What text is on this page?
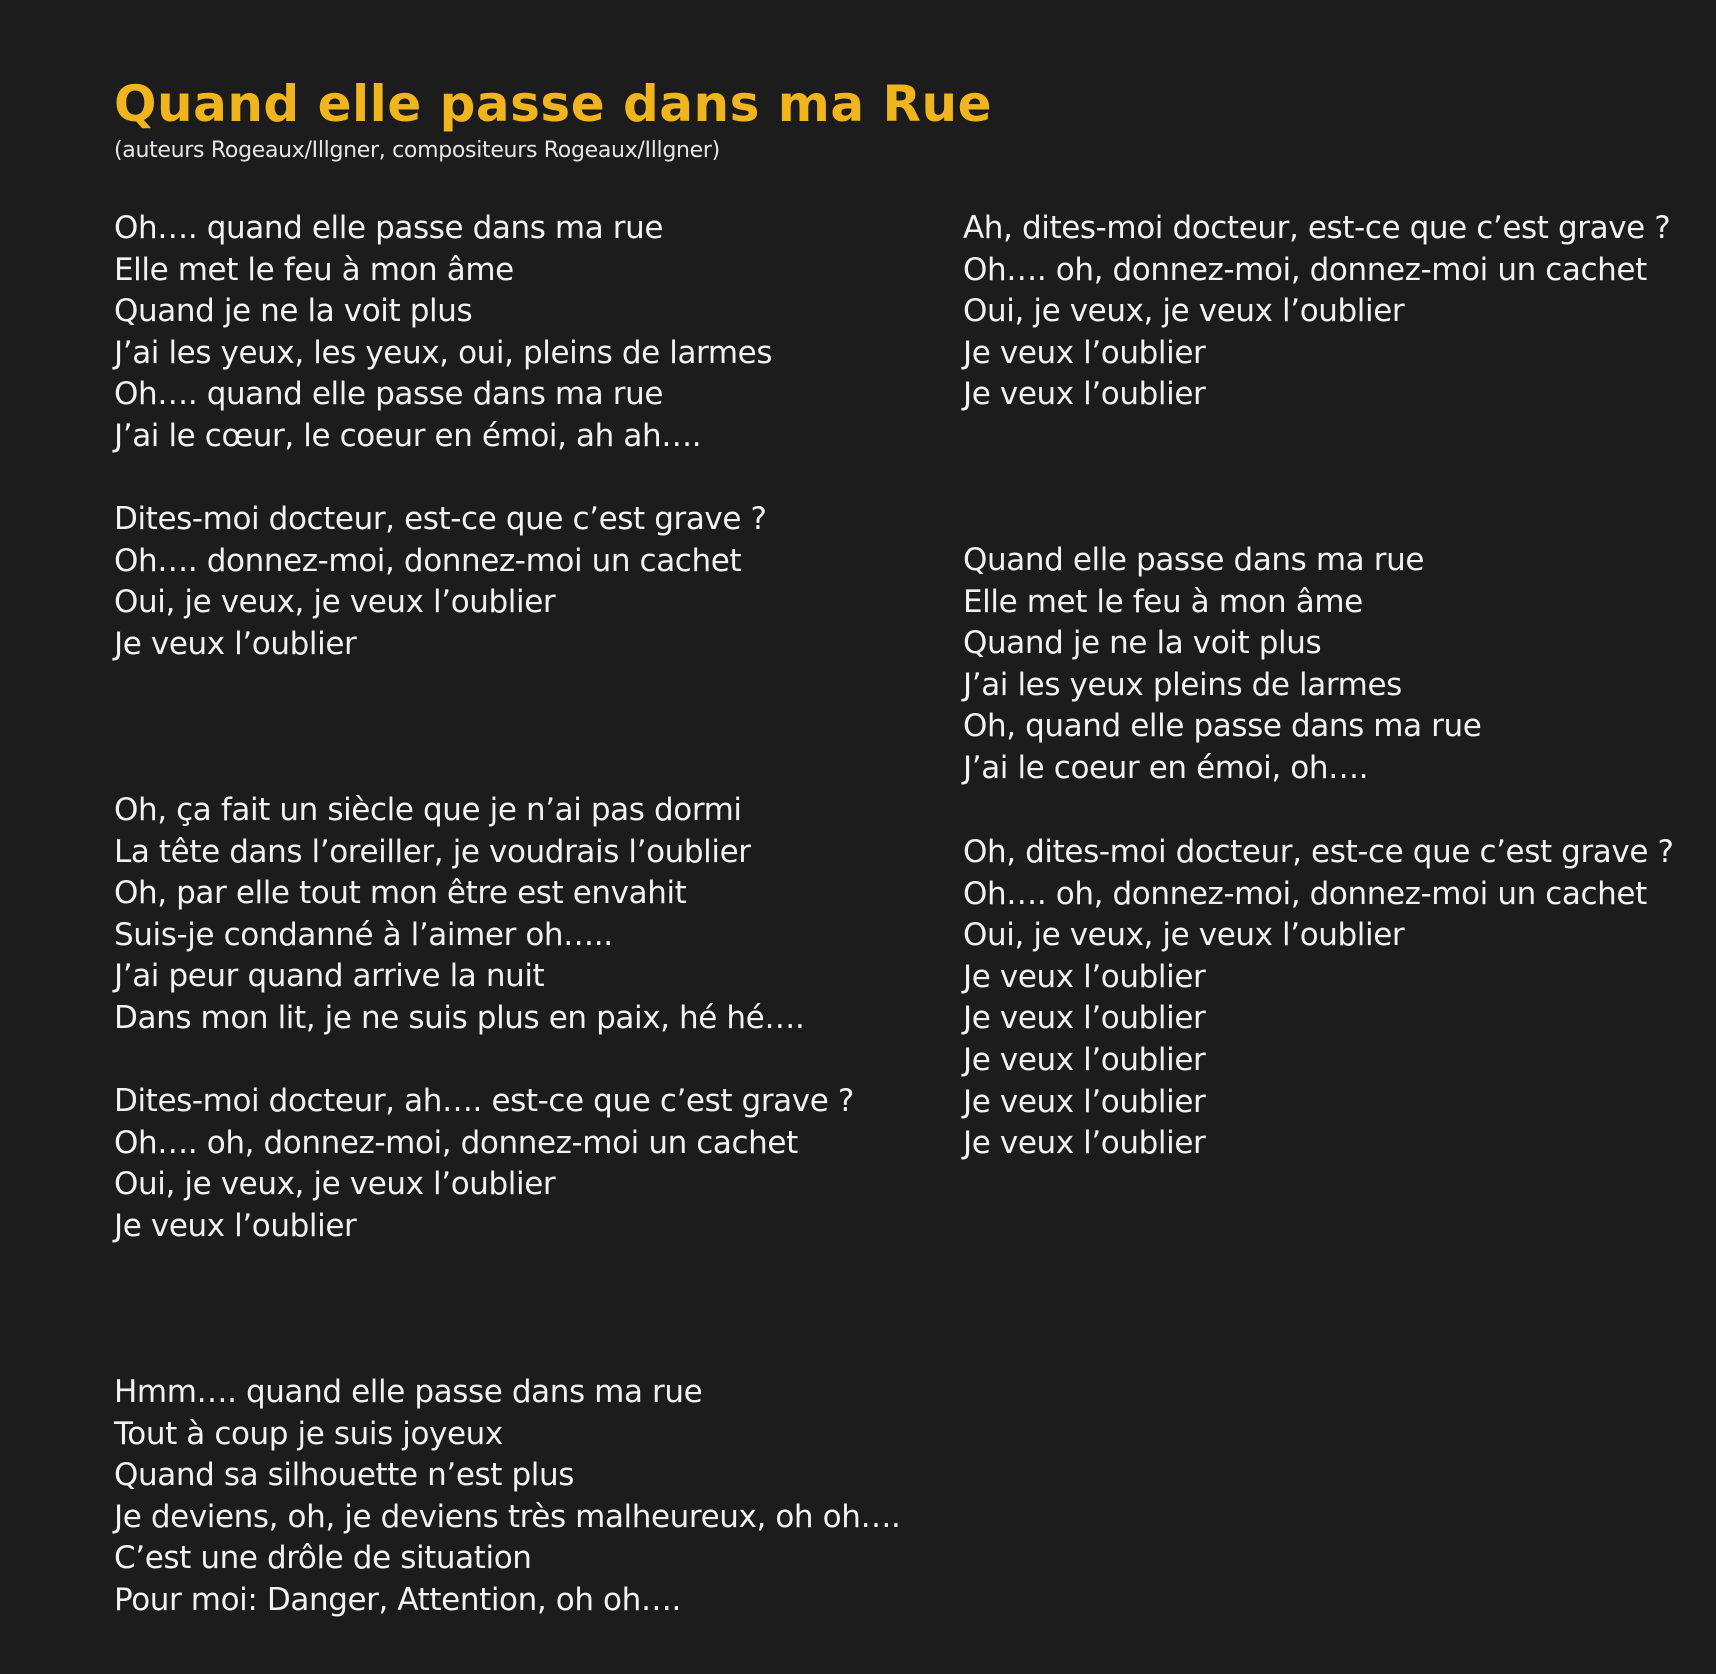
Quand elle passe dans ma Rue

(auteurs Rogeaux/Illgner, compositeurs Rogeaux/Illgner)

Oh…. quand elle passe dans ma rue
Elle met le feu à mon âme
Quand je ne la voit plus
J’ai les yeux, les yeux, oui, pleins de larmes
Oh…. quand elle passe dans ma rue
J’ai le cœur, le coeur en émoi, ah ah….
Dites-moi docteur, est-ce que c’est grave ?
Oh…. donnez-moi, donnez-moi un cachet
Oui, je veux, je veux l’oublier
Je veux l’oublier
Oh, ça fait un siècle que je n’ai pas dormi
La tête dans l’oreiller, je voudrais l’oublier
Oh, par elle tout mon être est envahit
Suis-je condanné à l’aimer oh…..
J’ai peur quand arrive la nuit
Dans mon lit, je ne suis plus en paix, hé hé….
Dites-moi docteur, ah…. est-ce que c’est grave ?
Oh…. oh, donnez-moi, donnez-moi un cachet
Oui, je veux, je veux l’oublier
Je veux l’oublier
Hmm…. quand elle passe dans ma rue
Tout à coup je suis joyeux
Quand sa silhouette n’est plus
Je deviens, oh, je deviens très malheureux, oh oh….
C’est une drôle de situation
Pour moi: Danger, Attention, oh oh….
Ah, dites-moi docteur, est-ce que c’est grave ?
Oh…. oh, donnez-moi, donnez-moi un cachet
Oui, je veux, je veux l’oublier
Je veux l’oublier
Je veux l’oublier
Quand elle passe dans ma rue
Elle met le feu à mon âme
Quand je ne la voit plus
J’ai les yeux pleins de larmes
Oh, quand elle passe dans ma rue
J’ai le coeur en émoi, oh….
Oh, dites-moi docteur, est-ce que c’est grave ?
Oh…. oh, donnez-moi, donnez-moi un cachet
Oui, je veux, je veux l’oublier
Je veux l’oublier
Je veux l’oublier
Je veux l’oublier
Je veux l’oublier
Je veux l’oublier
